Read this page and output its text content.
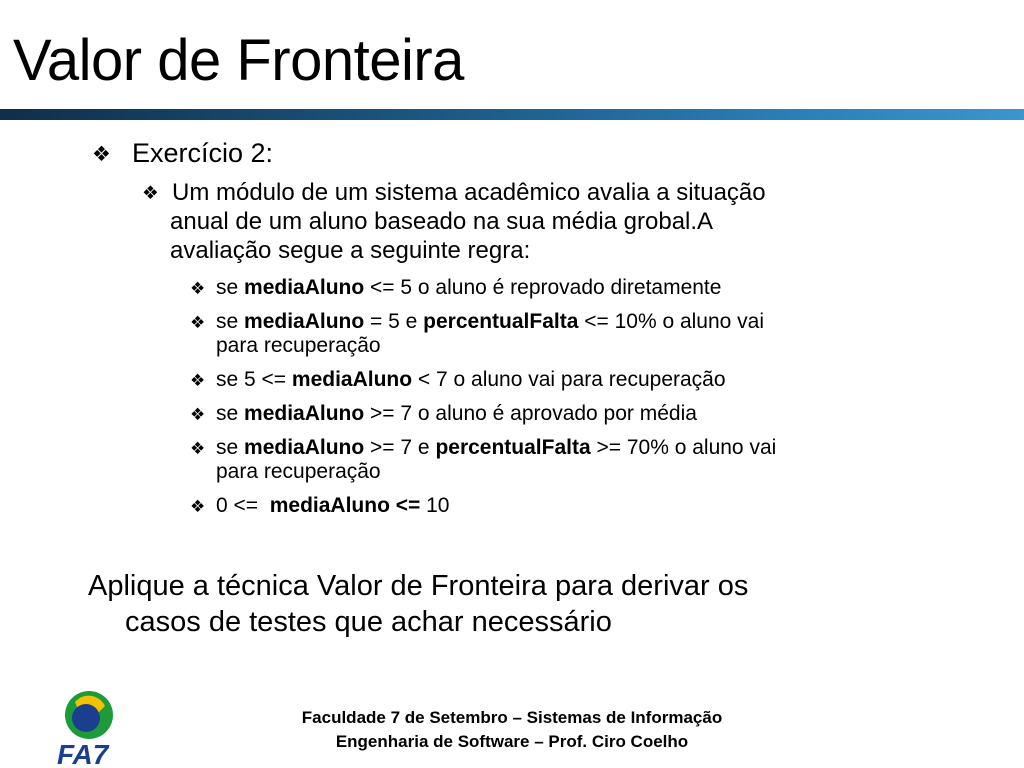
Valor de Fronteira
❖ Exercício 2:
❖ Um módulo de um sistema acadêmico avalia a situação
anual de um aluno baseado na sua média grobal.A
avaliação segue a seguinte regra:
❖ se mediaAluno <= 5 o aluno é reprovado diretamente
❖ se mediaAluno = 5 e percentualFalta <= 10% o aluno vai
para recuperação
❖ se 5 <= mediaAluno < 7 o aluno vai para recuperação
❖ se mediaAluno >= 7 o aluno é aprovado por média
❖ se mediaAluno >= 7 e percentualFalta >= 70% o aluno vai
para recuperação
❖ 0 <=  mediaAluno <= 10
Aplique a técnica Valor de Fronteira para derivar os
casos de testes que achar necessário
FA7
Faculdade 7 de Setembro – Sistemas de Informação
Engenharia de Software – Prof. Ciro Coelho
